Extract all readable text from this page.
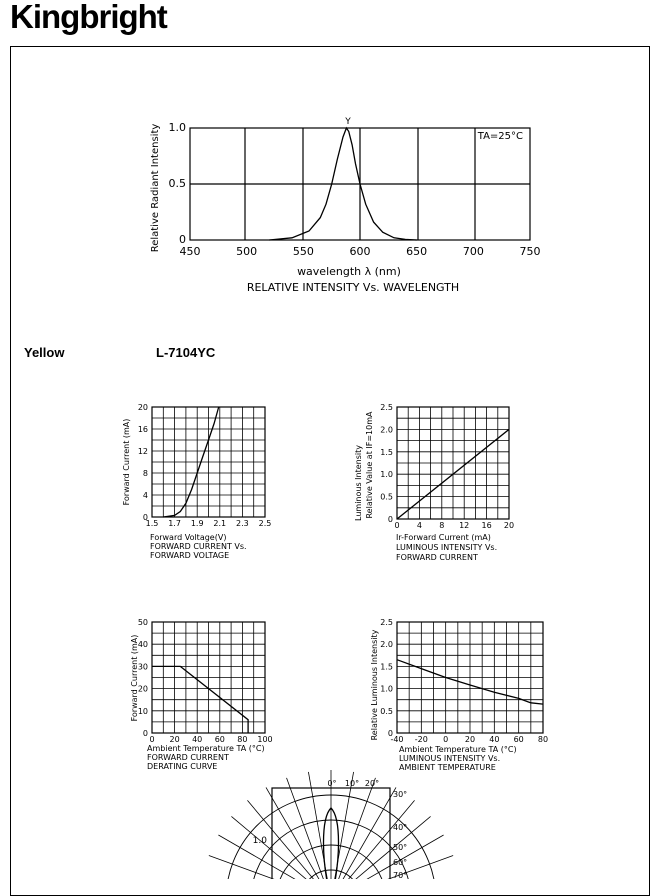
Kingbright
Yellow	L-7104YC
450	500	550	600	650	700	750
0
0.5
1.0
1.5 1.7 1.9 2.1 2.3 2.5
0
4
8
12
16
20
0 4 8 12 16 20
0
0.5
1.0
1.5
2.0
2.5
0 20 40 60 80 100
0
10
20
30
40
50
-40 -20 0 20 40 60 80
0
0.5
1.0
1.5
2.0
2.5
Y
TA=25°C
wavelength λ (nm)
RELATIVE INTENSITY Vs. WAVELENGTH
Relative Radiant Intensity
Forward Voltage(V)
FORWARD CURRENT Vs.
FORWARD VOLTAGE
Forward Current (mA)
Ir-Forward Current (mA)
LUMINOUS INTENSITY Vs.
FORWARD CURRENT
Luminous Intensity Relative Value at IF=10mA
Ambient Temperature TA (°C)
FORWARD CURRENT
DERATING CURVE
Forward Current (mA)
Ambient Temperature TA (°C)
LUMINOUS INTENSITY Vs.
AMBIENT TEMPERATURE
Relative Luminous Intensity
0° 10° 20°
30°
40°
50°
60°
70°
1.0
